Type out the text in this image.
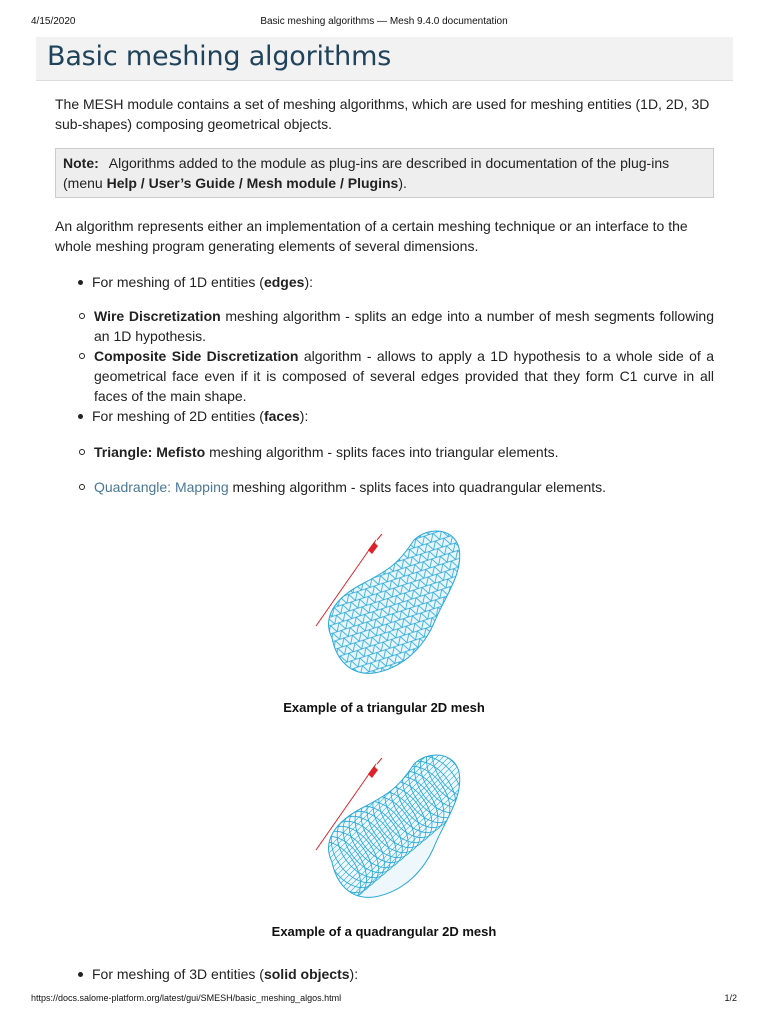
4/15/2020	Basic meshing algorithms — Mesh 9.4.0 documentation
Basic meshing algorithms

The MESH module contains a set of meshing algorithms, which are used for meshing entities (1D, 2D, 3D sub-shapes) composing geometrical objects.

Note: Algorithms added to the module as plug-ins are described in documentation of the plug-ins (menu Help / User’s Guide / Mesh module / Plugins).

An algorithm represents either an implementation of a certain meshing technique or an interface to the whole meshing program generating elements of several dimensions.

For meshing of 1D entities (edges):
Wire Discretization meshing algorithm - splits an edge into a number of mesh segments following an 1D hypothesis.
Composite Side Discretization algorithm - allows to apply a 1D hypothesis to a whole side of a geometrical face even if it is composed of several edges provided that they form C1 curve in all faces of the main shape.
For meshing of 2D entities (faces):
Triangle: Mefisto meshing algorithm - splits faces into triangular elements.
Quadrangle: Mapping meshing algorithm - splits faces into quadrangular elements.
Example of a triangular 2D mesh
Example of a quadrangular 2D mesh
For meshing of 3D entities (solid objects):
https://docs.salome-platform.org/latest/gui/SMESH/basic_meshing_algos.html	1/2
